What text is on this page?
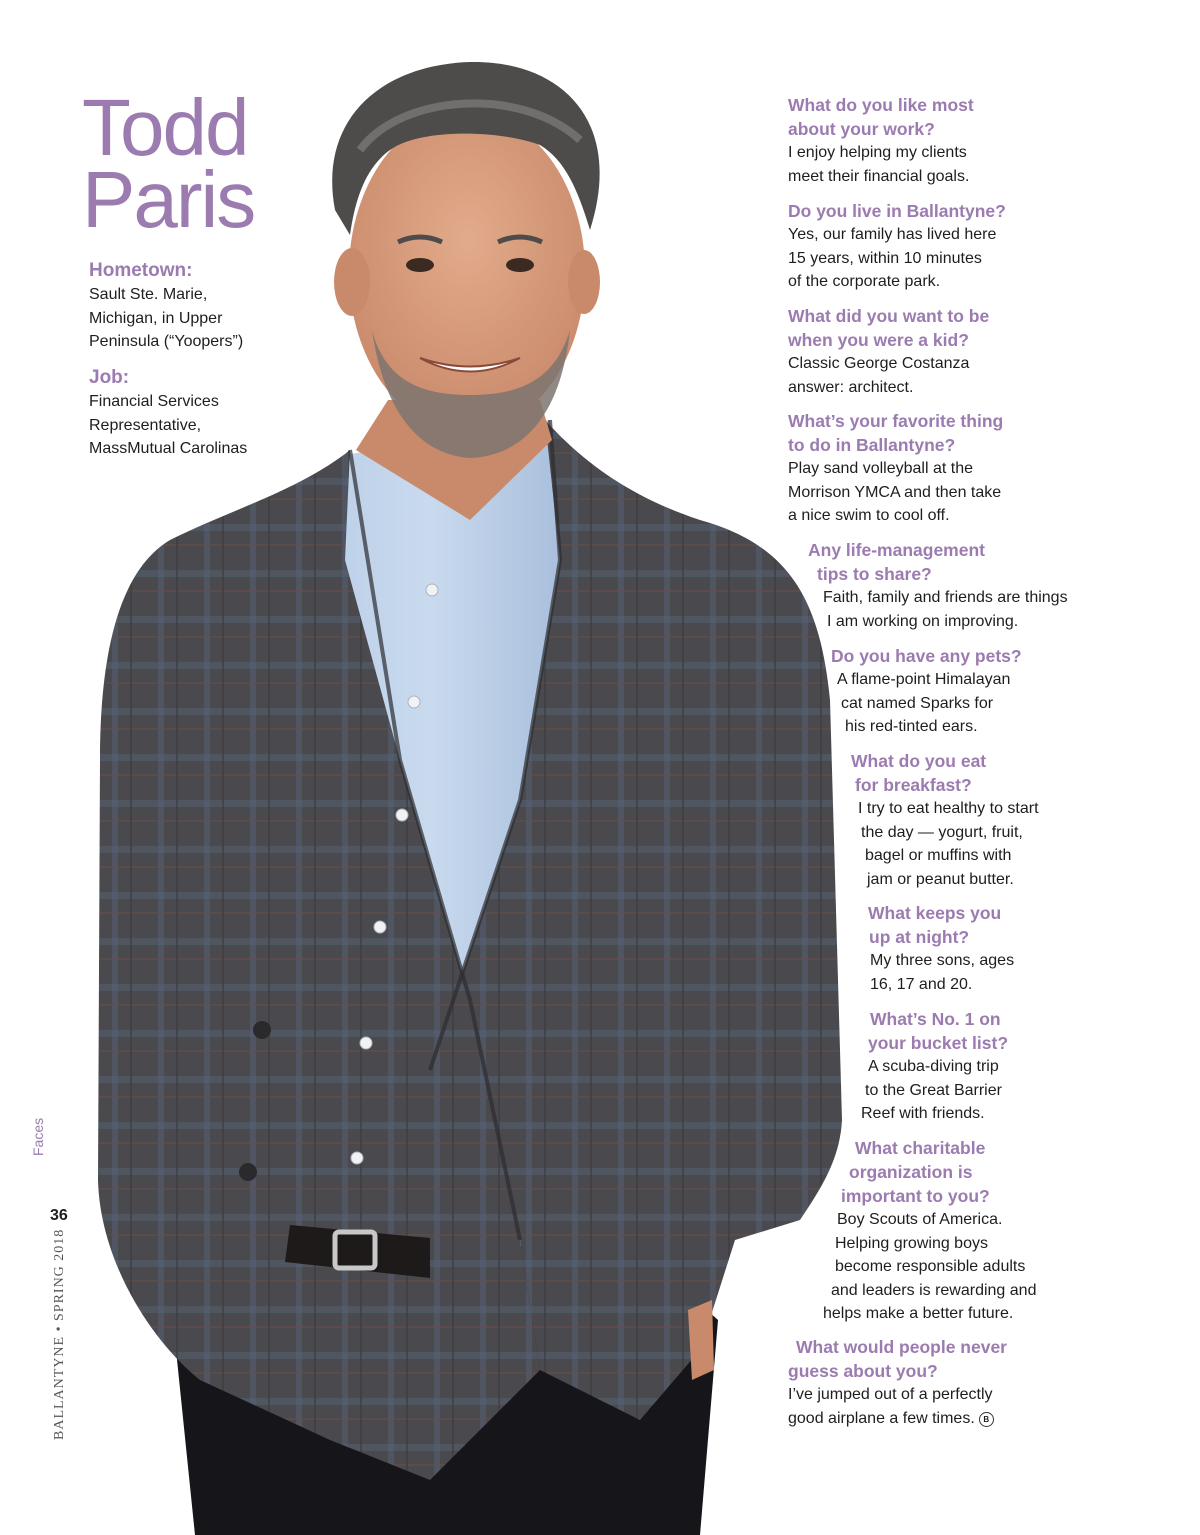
Todd
Paris
Hometown:
Sault Ste. Marie,
Michigan, in Upper
Peninsula (“Yoopers”)
Job:
Financial Services
Representative,
MassMutual Carolinas
What do you like most
about your work?
I enjoy helping my clients
meet their financial goals.
Do you live in Ballantyne?
Yes, our family has lived here
15 years, within 10 minutes
of the corporate park.
What did you want to be
when you were a kid?
Classic George Costanza
answer: architect.
What’s your favorite thing
to do in Ballantyne?
Play sand volleyball at the
Morrison YMCA and then take
a nice swim to cool off.
Any life-management
tips to share?
Faith, family and friends are things
I am working on improving.
Do you have any pets?
A flame-point Himalayan
cat named Sparks for
his red-tinted ears.
What do you eat
for breakfast?
I try to eat healthy to start
the day — yogurt, fruit,
bagel or muffins with
jam or peanut butter.
What keeps you
up at night?
My three sons, ages
16, 17 and 20.
What’s No. 1 on
your bucket list?
A scuba-diving trip
to the Great Barrier
Reef with friends.
What charitable
organization is
important to you?
Boy Scouts of America.
Helping growing boys
become responsible adults
and leaders is rewarding and
helps make a better future.
What would people never
guess about you?
I’ve jumped out of a perfectly
good airplane a few times. B
Faces
36
BALLANTYNE • SPRING 2018
